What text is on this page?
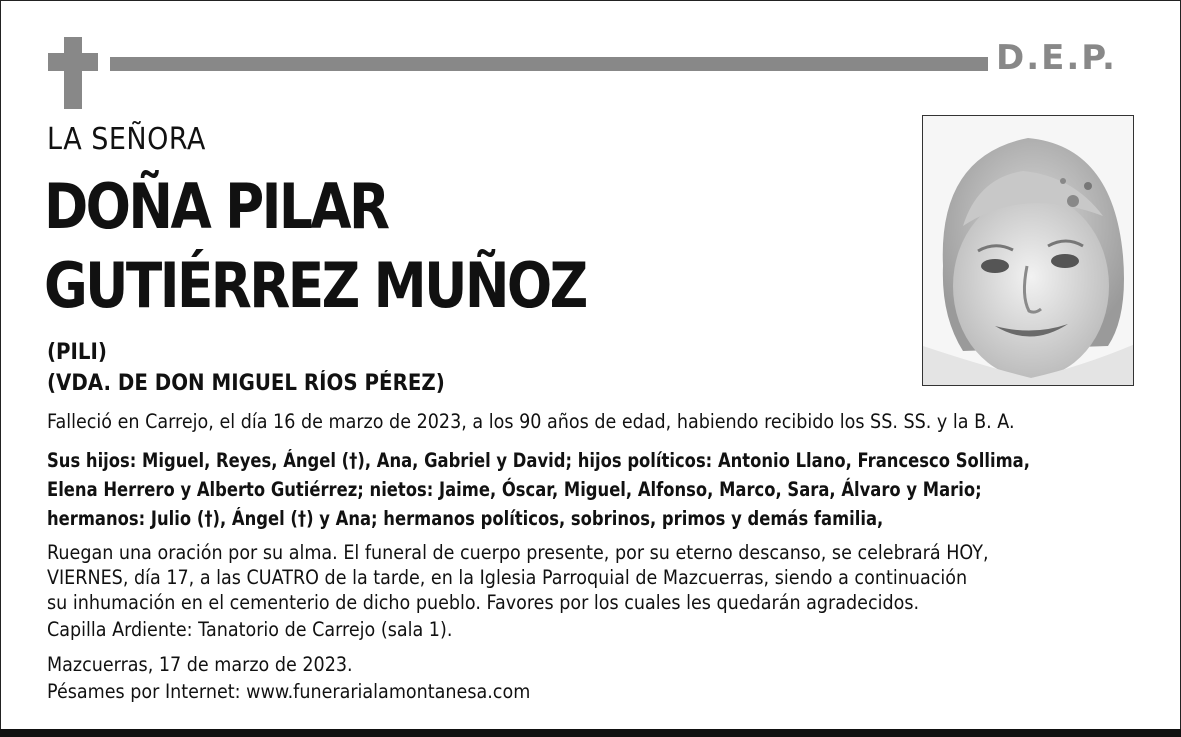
D.E.P.
LA SEÑORA
DOÑA PILAR
GUTIÉRREZ MUÑOZ
(PILI)
(VDA. DE DON MIGUEL RÍOS PÉREZ)
Falleció en Carrejo, el día 16 de marzo de 2023, a los 90 años de edad, habiendo recibido los SS. SS. y la B. A.
Sus hijos: Miguel, Reyes, Ángel (†), Ana, Gabriel y David; hijos políticos: Antonio Llano, Francesco Sollima,
Elena Herrero y Alberto Gutiérrez; nietos: Jaime, Óscar, Miguel, Alfonso, Marco, Sara, Álvaro y Mario;
hermanos: Julio (†), Ángel (†) y Ana; hermanos políticos, sobrinos, primos y demás familia,
Ruegan una oración por su alma. El funeral de cuerpo presente, por su eterno descanso, se celebrará HOY,
VIERNES, día 17, a las CUATRO de la tarde, en la Iglesia Parroquial de Mazcuerras, siendo a continuación
su inhumación en el cementerio de dicho pueblo. Favores por los cuales les quedarán agradecidos.
Capilla Ardiente: Tanatorio de Carrejo (sala 1).
Mazcuerras, 17 de marzo de 2023.
Pésames por Internet: www.funerarialamontanesa.com
